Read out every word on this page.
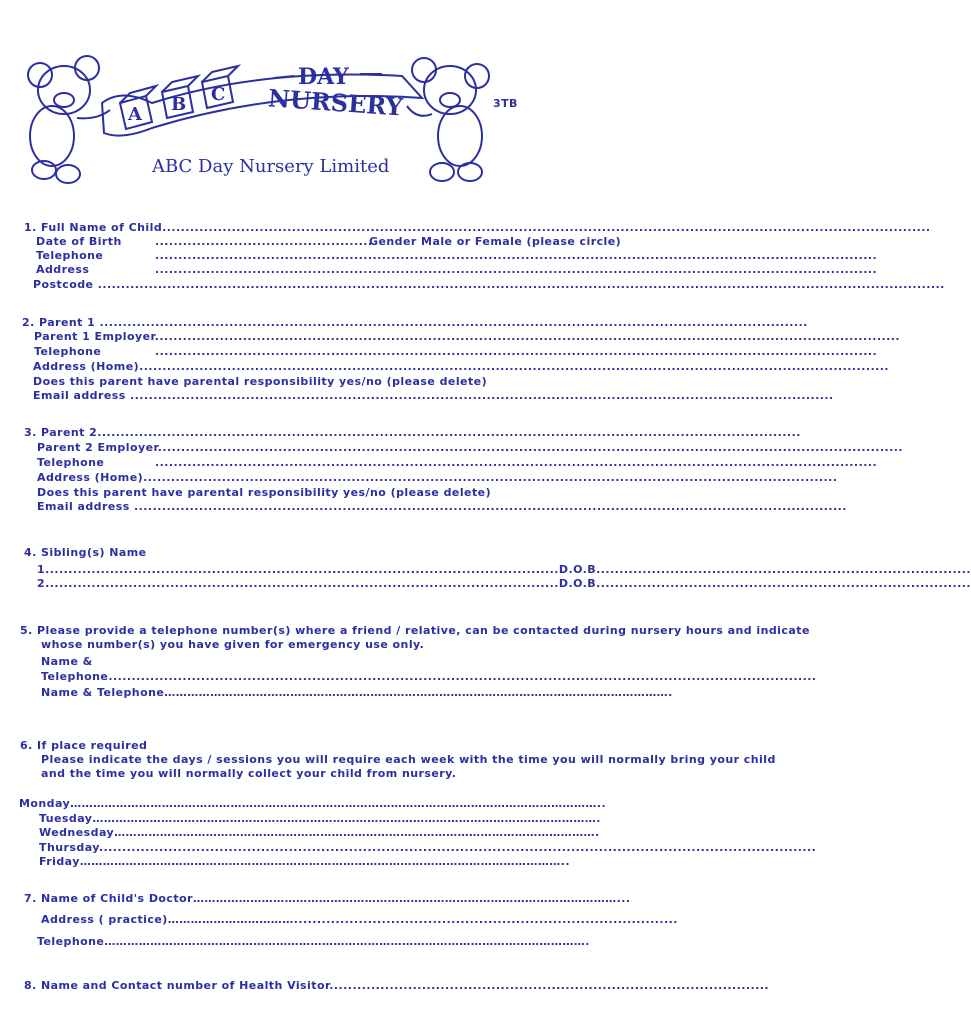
A B C
DAY
NURSERY
ABC Day Nursery Limited
3TB
1. Full Name of Child......................................................................................................................................................................
Date of Birth	...............................................
Gender Male or Female (please circle)
Telephone	............................................................................................................................................................
Address	............................................................................................................................................................
Postcode .......................................................................................................................................................................................
2. Parent 1 .........................................................................................................................................................
Parent 1 Employer.................................................................................................................................................................
Telephone	............................................................................................................................................................
Address (Home)..................................................................................................................................................................
Does this parent have parental responsibility yes/no (please delete)
Email address ........................................................................................................................................................
3. Parent 2........................................................................................................................................................
Parent 2 Employer.................................................................................................................................................................
Telephone	............................................................................................................................................................
Address (Home)......................................................................................................................................................
Does this parent have parental responsibility yes/no (please delete)
Email address ..........................................................................................................................................................
4. Sibling(s) Name
1...............................................................................................................D.O.B.................................................................................
2...............................................................................................................D.O.B.................................................................................
5. Please provide a telephone number(s) where a friend / relative, can be contacted during nursery hours and indicate
whose number(s) you have given for emergency use only.
Name &
Telephone.........................................................................................................................................................
Name & Telephone…………………………………………………………………………………………………………………….
6. If place required
Please indicate the days / sessions you will require each week with the time you will normally bring your child
and the time you will normally collect your child from nursery.
Monday…………………………………………………………………………………………………………………………..
Tuesday…………………………………………………………………………………………………………………….
Wednesday……………………………………………………………………………………………………………….
Thursday...........................................................................................................................................................
Friday………………………………………………………………………………………………………………..
7. Name of Child's Doctor…………………………………………………………………………………………………...
Address ( practice)……………………………...................................................................................
Telephone……………………………………………………………………………………………………………….
8. Name and Contact number of Health Visitor...............................................................................................
